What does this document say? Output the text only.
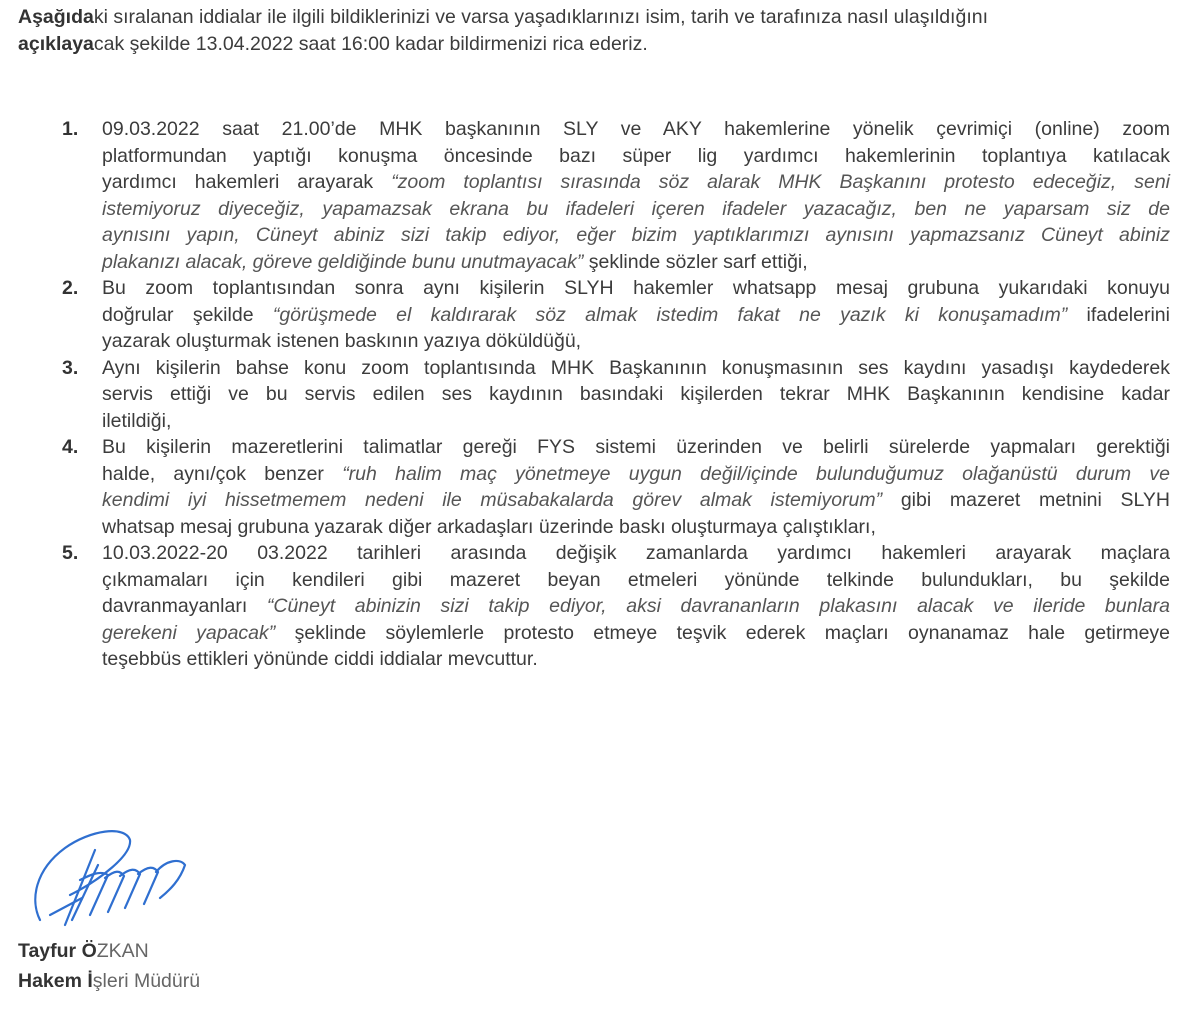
Aşağıdaki sıralanan iddialar ile ilgili bildiklerinizi ve varsa yaşadıklarınızı isim, tarih ve tarafınıza nasıl ulaşıldığını
açıklayacak şekilde 13.04.2022 saat 16:00 kadar bildirmenizi rica ederiz.
1. 09.03.2022 saat 21.00’de MHK başkanının SLY ve AKY hakemlerine yönelik çevrimiçi (online) zoom
platformundan yaptığı konuşma öncesinde bazı süper lig yardımcı hakemlerinin toplantıya katılacak
yardımcı hakemleri arayarak “zoom toplantısı sırasında söz alarak MHK Başkanını protesto edeceğiz, seni
istemiyoruz diyeceğiz, yapamazsak ekrana bu ifadeleri içeren ifadeler yazacağız, ben ne yaparsam siz de
aynısını yapın, Cüneyt abiniz sizi takip ediyor, eğer bizim yaptıklarımızı aynısını yapmazsanız Cüneyt abiniz
plakanızı alacak, göreve geldiğinde bunu unutmayacak” şeklinde sözler sarf ettiği,
2. Bu zoom toplantısından sonra aynı kişilerin SLYH hakemler whatsapp mesaj grubuna yukarıdaki konuyu
doğrular şekilde “görüşmede el kaldırarak söz almak istedim fakat ne yazık ki konuşamadım” ifadelerini
yazarak oluşturmak istenen baskının yazıya döküldüğü,
3. Aynı kişilerin bahse konu zoom toplantısında MHK Başkanının konuşmasının ses kaydını yasadışı kaydederek
servis ettiği ve bu servis edilen ses kaydının basındaki kişilerden tekrar MHK Başkanının kendisine kadar
iletildiği,
4. Bu kişilerin mazeretlerini talimatlar gereği FYS sistemi üzerinden ve belirli sürelerde yapmaları gerektiği
halde, aynı/çok benzer “ruh halim maç yönetmeye uygun değil/içinde bulunduğumuz olağanüstü durum ve
kendimi iyi hissetmemem nedeni ile müsabakalarda görev almak istemiyorum” gibi mazeret metnini SLYH
whatsap mesaj grubuna yazarak diğer arkadaşları üzerinde baskı oluşturmaya çalıştıkları,
5. 10.03.2022-20 03.2022 tarihleri arasında değişik zamanlarda yardımcı hakemleri arayarak maçlara
çıkmamaları için kendileri gibi mazeret beyan etmeleri yönünde telkinde bulundukları, bu şekilde
davranmayanları “Cüneyt abinizin sizi takip ediyor, aksi davrananların plakasını alacak ve ileride bunlara
gerekeni yapacak” şeklinde söylemlerle protesto etmeye teşvik ederek maçları oynanamaz hale getirmeye
teşebbüs ettikleri yönünde ciddi iddialar mevcuttur.
Tayfur ÖZKAN
Hakem İşleri Müdürü
